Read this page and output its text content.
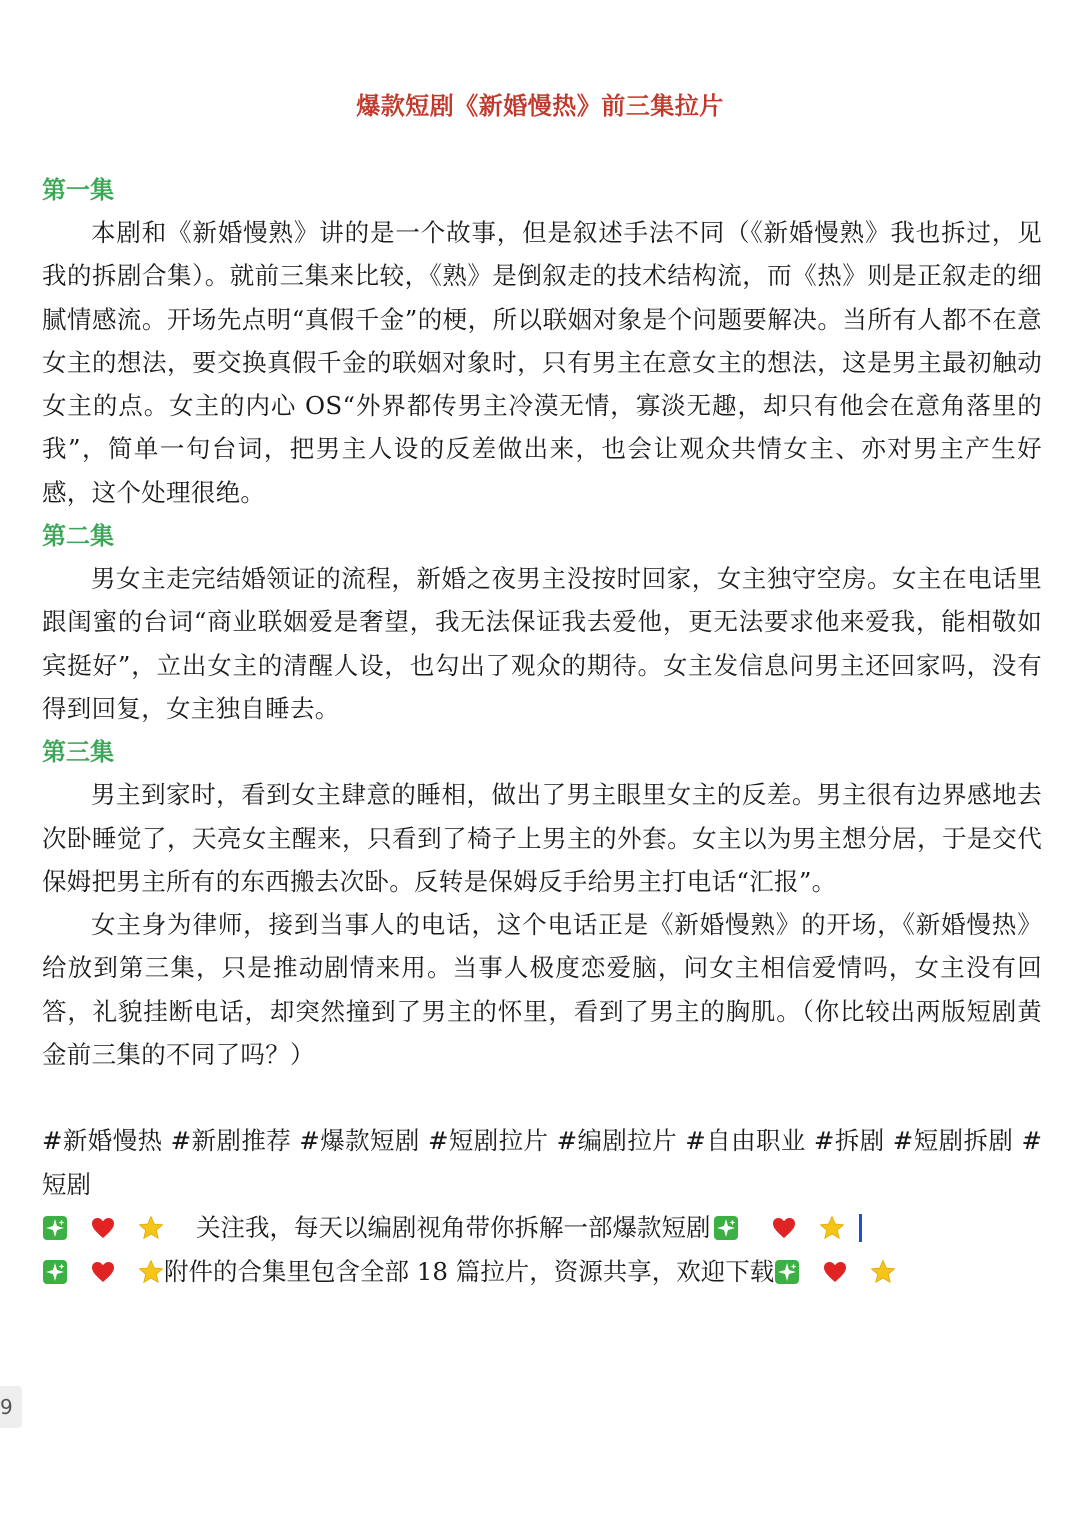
爆款短剧《新婚慢热》前三集拉片
第一集

本剧和《新婚慢熟》讲的是一个故事，但是叙述手法不同（《新婚慢熟》我也拆过，见我的拆剧合集）。就前三集来比较，《熟》是倒叙走的技术结构流，而《热》则是正叙走的细腻情感流。开场先点明“真假千金”的梗，所以联姻对象是个问题要解决。当所有人都不在意女主的想法，要交换真假千金的联姻对象时，只有男主在意女主的想法，这是男主最初触动女主的点。女主的内心 OS“外界都传男主冷漠无情，寡淡无趣，却只有他会在意角落里的我”，简单一句台词，把男主人设的反差做出来，也会让观众共情女主、亦对男主产生好感，这个处理很绝。

第二集

男女主走完结婚领证的流程，新婚之夜男主没按时回家，女主独守空房。女主在电话里跟闺蜜的台词“商业联姻爱是奢望，我无法保证我去爱他，更无法要求他来爱我，能相敬如宾挺好”，立出女主的清醒人设，也勾出了观众的期待。女主发信息问男主还回家吗，没有得到回复，女主独自睡去。

第三集

男主到家时，看到女主肆意的睡相，做出了男主眼里女主的反差。男主很有边界感地去次卧睡觉了，天亮女主醒来，只看到了椅子上男主的外套。女主以为男主想分居，于是交代保姆把男主所有的东西搬去次卧。反转是保姆反手给男主打电话“汇报”。

女主身为律师，接到当事人的电话，这个电话正是《新婚慢熟》的开场，《新婚慢热》给放到第三集，只是推动剧情来用。当事人极度恋爱脑，问女主相信爱情吗，女主没有回答，礼貌挂断电话，却突然撞到了男主的怀里，看到了男主的胸肌。（你比较出两版短剧黄金前三集的不同了吗？）

#新婚慢热 #新剧推荐 #爆款短剧 #短剧拉片 #编剧拉片 #自由职业 #拆剧 #短剧拆剧 #短剧
关注我，每天以编剧视角带你拆解一部爆款短剧
附件的合集里包含全部 18 篇拉片，资源共享，欢迎下载
9
